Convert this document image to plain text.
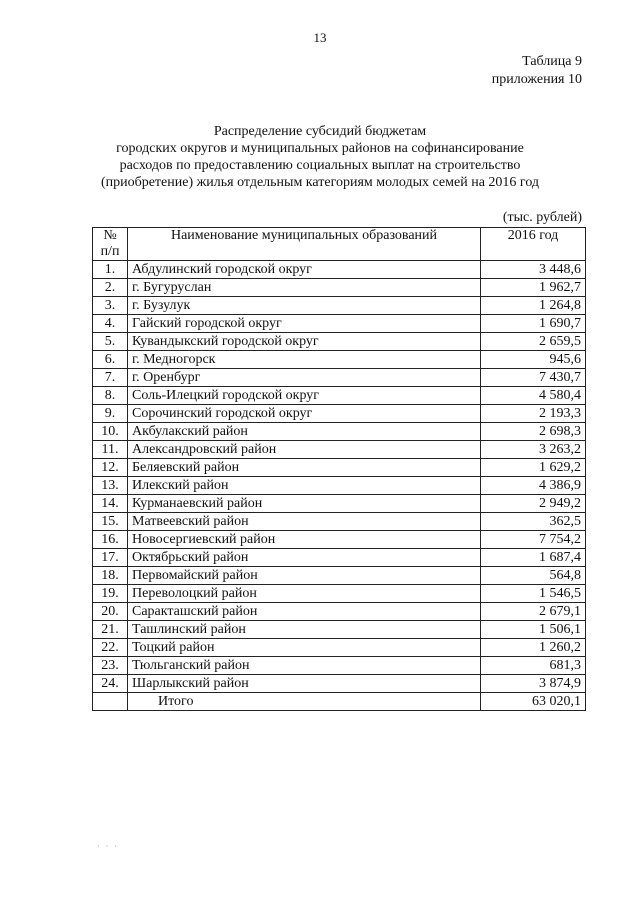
13
Таблица 9
приложения 10
Распределение субсидий бюджетам
городских округов и муниципальных районов на софинансирование
расходов по предоставлению социальных выплат на строительство
(приобретение) жилья отдельным категориям молодых семей на 2016 год
(тыс. рублей)
№
п/п	Наименование муниципальных образований	2016 год
1.	Абдулинский городской округ	3 448,6
2.	г. Бугуруслан	1 962,7
3.	г. Бузулук	1 264,8
4.	Гайский городской округ	1 690,7
5.	Кувандыкский городской округ	2 659,5
6.	г. Медногорск	945,6
7.	г. Оренбург	7 430,7
8.	Соль-Илецкий городской округ	4 580,4
9.	Сорочинский городской округ	2 193,3
10.	Акбулакский район	2 698,3
11.	Александровский район	3 263,2
12.	Беляевский район	1 629,2
13.	Илекский район	4 386,9
14.	Курманаевский район	2 949,2
15.	Матвеевский район	362,5
16.	Новосергиевский район	7 754,2
17.	Октябрьский район	1 687,4
18.	Первомайский район	564,8
19.	Переволоцкий район	1 546,5
20.	Саракташский район	2 679,1
21.	Ташлинский район	1 506,1
22.	Тоцкий район	1 260,2
23.	Тюльганский район	681,3
24.	Шарлыкский район	3 874,9
	Итого	63 020,1
· · ·
